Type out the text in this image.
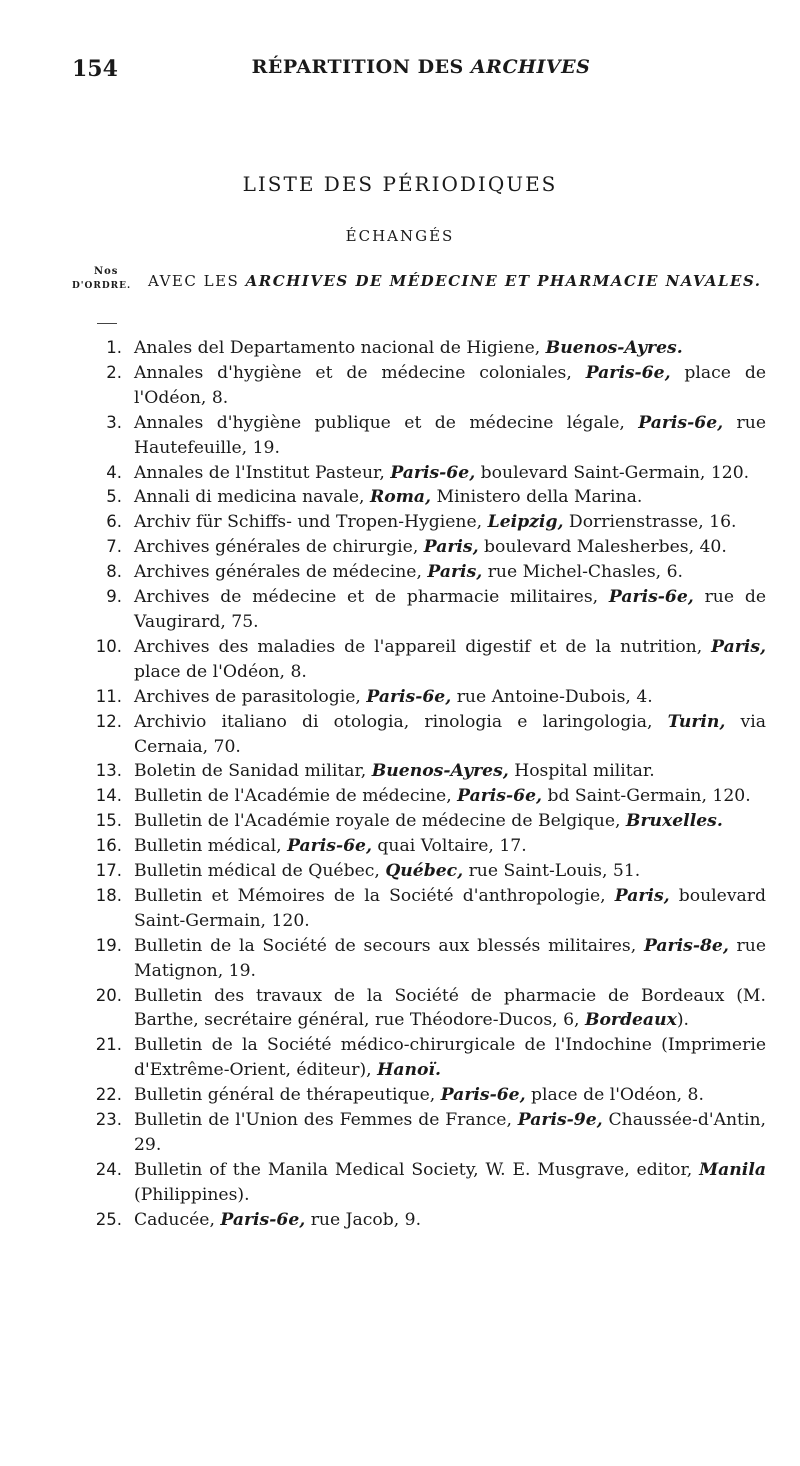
154	RÉPARTITION DES ARCHIVES
LISTE DES PÉRIODIQUES
ÉCHANGÉS
Nos
D'ORDRE.	AVEC LES ARCHIVES DE MÉDECINE ET PHARMACIE NAVALES.
1. Anales del Departamento nacional de Higiene, Buenos-Ayres.
2. Annales d'hygiène et de médecine coloniales, Paris-6e, place de l'Odéon, 8.
3. Annales d'hygiène publique et de médecine légale, Paris-6e, rue Hautefeuille, 19.
4. Annales de l'Institut Pasteur, Paris-6e, boulevard Saint-Germain, 120.
5. Annali di medicina navale, Roma, Ministero della Marina.
6. Archiv für Schiffs- und Tropen-Hygiene, Leipzig, Dorrienstrasse, 16.
7. Archives générales de chirurgie, Paris, boulevard Malesherbes, 40.
8. Archives générales de médecine, Paris, rue Michel-Chasles, 6.
9. Archives de médecine et de pharmacie militaires, Paris-6e, rue de Vaugirard, 75.
10. Archives des maladies de l'appareil digestif et de la nutrition, Paris, place de l'Odéon, 8.
11. Archives de parasitologie, Paris-6e, rue Antoine-Dubois, 4.
12. Archivio italiano di otologia, rinologia e laringologia, Turin, via Cernaia, 70.
13. Boletin de Sanidad militar, Buenos-Ayres, Hospital militar.
14. Bulletin de l'Académie de médecine, Paris-6e, bd Saint-Germain, 120.
15. Bulletin de l'Académie royale de médecine de Belgique, Bruxelles.
16. Bulletin médical, Paris-6e, quai Voltaire, 17.
17. Bulletin médical de Québec, Québec, rue Saint-Louis, 51.
18. Bulletin et Mémoires de la Société d'anthropologie, Paris, boulevard Saint-Germain, 120.
19. Bulletin de la Société de secours aux blessés militaires, Paris-8e, rue Matignon, 19.
20. Bulletin des travaux de la Société de pharmacie de Bordeaux (M. Barthe, secrétaire général, rue Théodore-Ducos, 6, Bordeaux).
21. Bulletin de la Société médico-chirurgicale de l'Indochine (Imprimerie d'Extrême-Orient, éditeur), Hanoï.
22. Bulletin général de thérapeutique, Paris-6e, place de l'Odéon, 8.
23. Bulletin de l'Union des Femmes de France, Paris-9e, Chaussée-d'Antin, 29.
24. Bulletin of the Manila Medical Society, W. E. Musgrave, editor, Manila (Philippines).
25. Caducée, Paris-6e, rue Jacob, 9.
